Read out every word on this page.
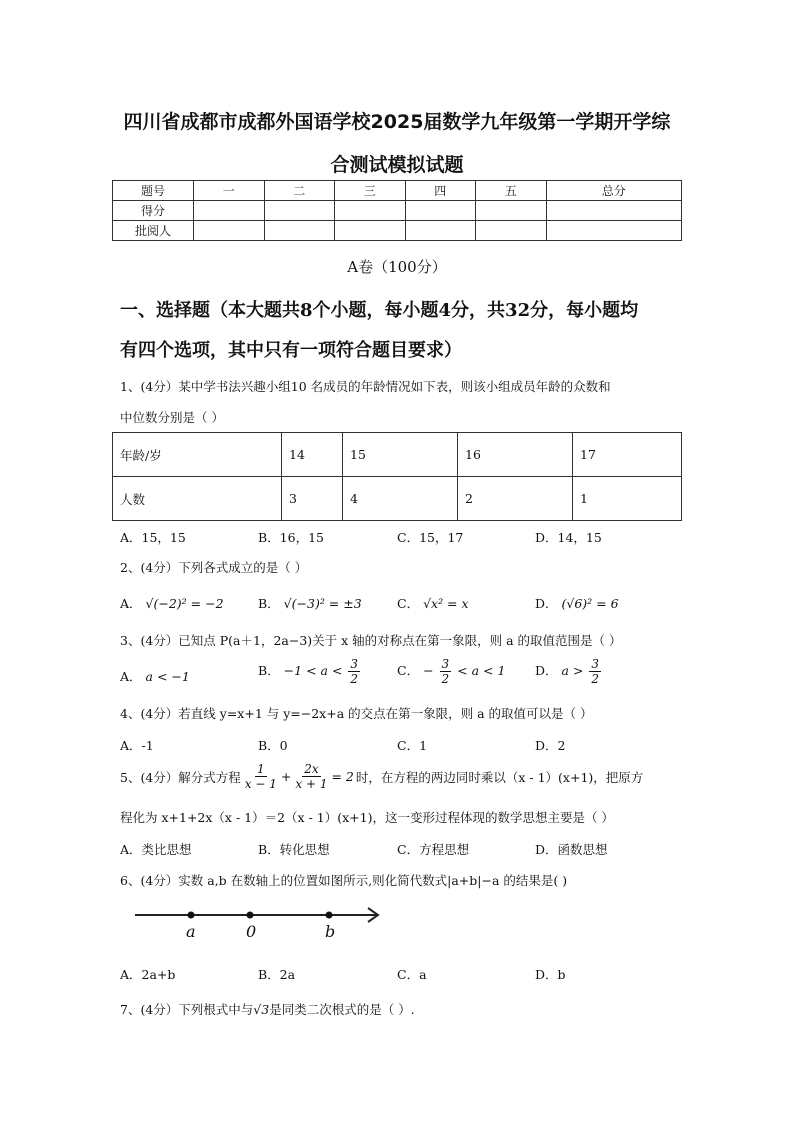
四川省成都市成都外国语学校2025届数学九年级第一学期开学综
合测试模拟试题
题号	一	二	三	四	五	总分
得分						
批阅人						
A卷（100分）
一、选择题（本大题共8个小题，每小题4分，共32分，每小题均
有四个选项，其中只有一项符合题目要求）
1、(4分）某中学书法兴趣小组10 名成员的年龄情况如下表，则该小组成员年龄的众数和
中位数分别是（ ）
年龄/岁	14	15	16	17
人数	3	4	2	1
A．15，15	B．16，15	C．15，17	D．14，15
2、(4分）下列各式成立的是（ ）
A． √(−2)² = −2	B． √(−3)² = ±3	C． √x² = x	D． (√6)² = 6
3、(4分）已知点 P(a＋1，2a−3)关于 x 轴的对称点在第一象限，则 a 的取值范围是（ ）
A． a < −1	B． $-1 < a < \frac{3}{2}$	C． − $\frac{3}{2} < a < 1$ D． $a > \frac{3}{2}$
4、(4分）若直线 y=x+1 与 y=−2x+a 的交点在第一象限，则 a 的取值可以是（ ）
A．-1	B．0	C．1	D．2
5、(4分）解分式方程 $\frac{1}{x - 1} + \frac{2x}{x + 1} = 2$ 时，在方程的两边同时乘以（x - 1）(x+1)，把原方
程化为 x+1+2x（x - 1）＝2（x - 1）(x+1)，这一变形过程体现的数学思想主要是（ ）
A．类比思想	B．转化思想	C．方程思想	D．函数思想
6、(4分）实数 a,b 在数轴上的位置如图所示,则化简代数式|a+b|−a 的结果是( )
a	0	b
A．2a+b	B．2a	C．a	D．b
7、(4分）下列根式中与√3是同类二次根式的是（ ）.
